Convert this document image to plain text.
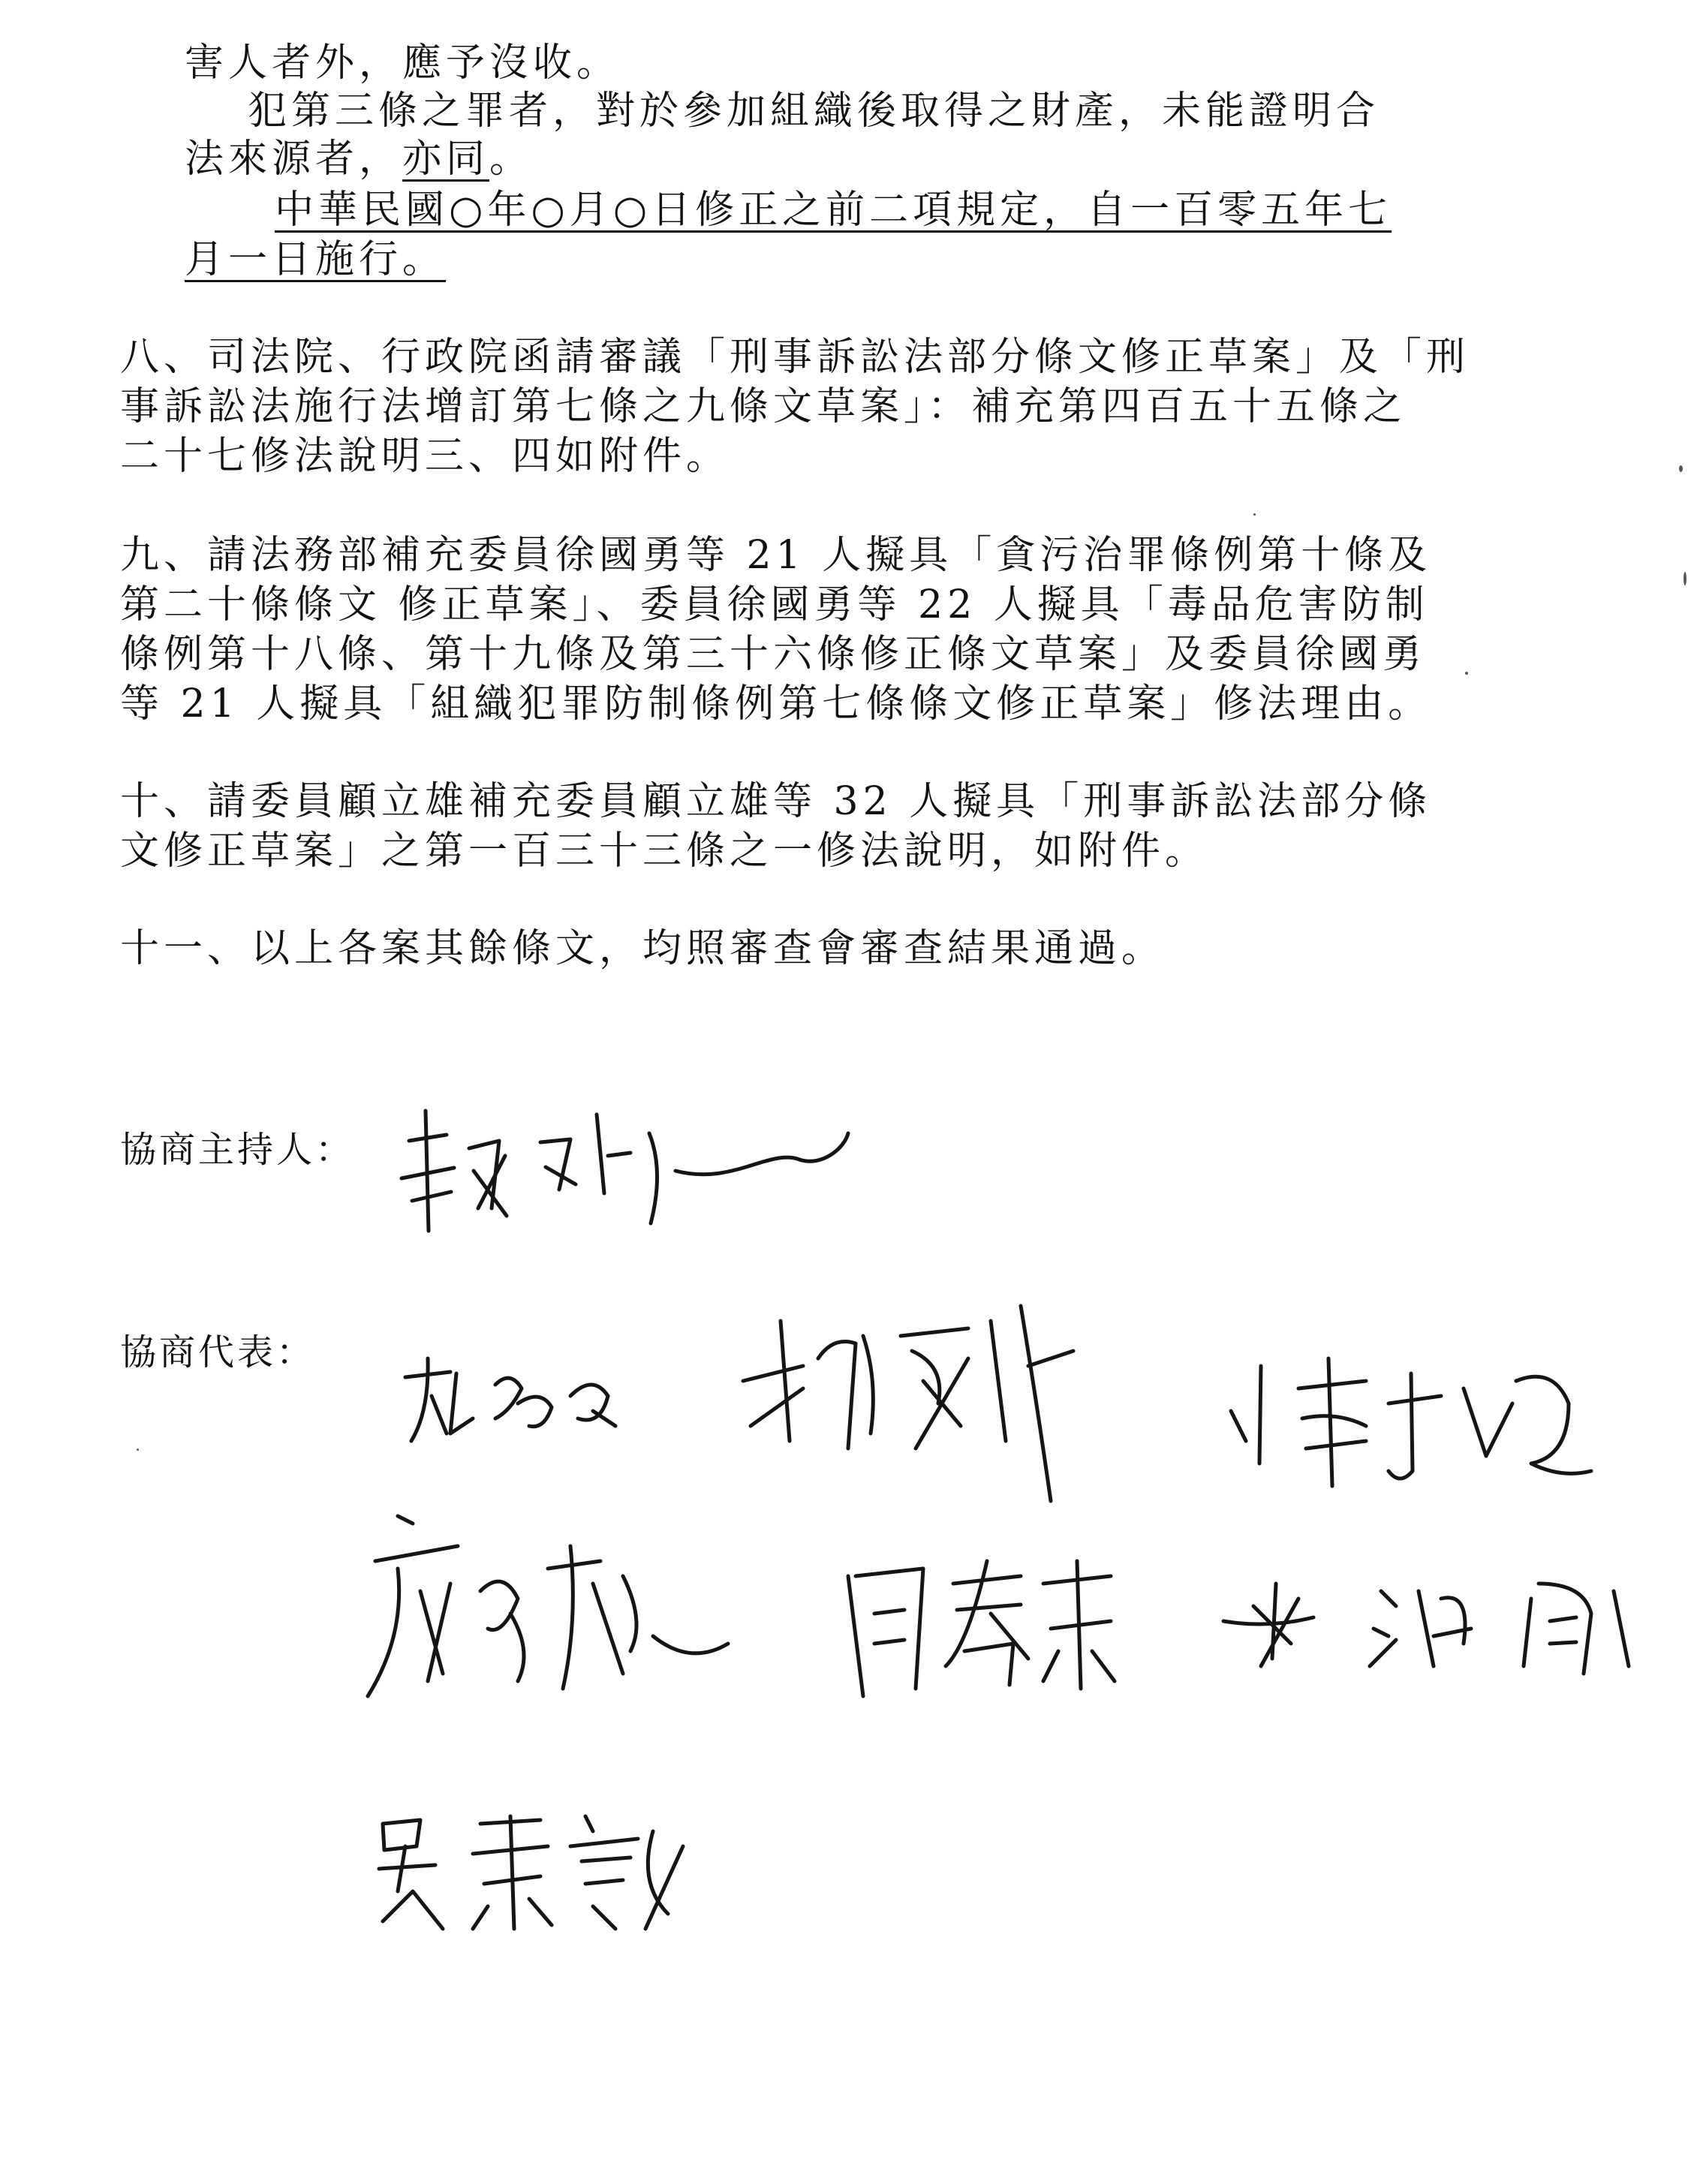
害人者外，應予沒收。
犯第三條之罪者，對於參加組織後取得之財產，未能證明合
法來源者，亦同。
中華民國○年○月○日修正之前二項規定，自一百零五年七
月一日施行。
八、司法院、行政院函請審議「刑事訴訟法部分條文修正草案」及「刑
事訴訟法施行法增訂第七條之九條文草案」：補充第四百五十五條之
二十七修法說明三、四如附件。
九、請法務部補充委員徐國勇等 21 人擬具「貪污治罪條例第十條及
第二十條條文 修正草案」、委員徐國勇等 22 人擬具「毒品危害防制
條例第十八條、第十九條及第三十六條修正條文草案」及委員徐國勇
等 21 人擬具「組織犯罪防制條例第七條條文修正草案」修法理由。
十、請委員顧立雄補充委員顧立雄等 32 人擬具「刑事訴訟法部分條
文修正草案」之第一百三十三條之一修法說明，如附件。
十一、以上各案其餘條文，均照審查會審查結果通過。
協商主持人：
協商代表：
